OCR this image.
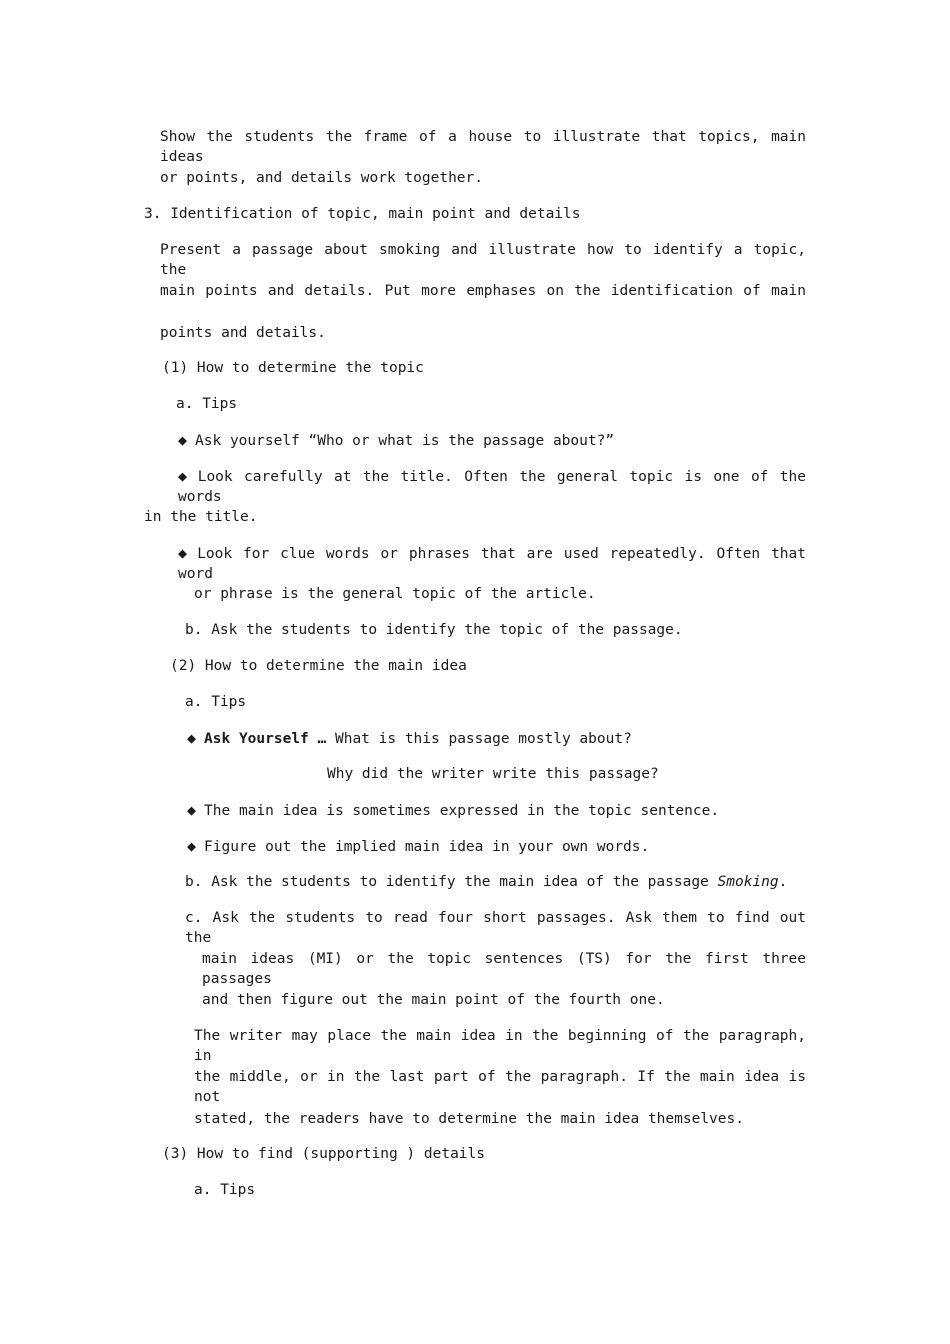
Show the students the frame of a house to illustrate that topics, main ideas
or points, and details work together.
3. Identification of topic, main point and details
Present a passage about smoking and illustrate how to identify a topic, the
main points and details. Put more emphases on the identification of main
points and details.
(1) How to determine the topic
a. Tips
◆ Ask yourself “Who or what is the passage about?”
◆ Look carefully at the title. Often the general topic is one of the words
in the title.
◆ Look for clue words or phrases that are used repeatedly. Often that word
or phrase is the general topic of the article.
b. Ask the students to identify the topic of the passage.
(2) How to determine the main idea
a. Tips
◆ Ask Yourself … What is this passage mostly about?
Why did the writer write this passage?
◆ The main idea is sometimes expressed in the topic sentence.
◆ Figure out the implied main idea in your own words.
b. Ask the students to identify the main idea of the passage Smoking.
c. Ask the students to read four short passages. Ask them to find out the
main ideas (MI) or the topic sentences (TS) for the first three passages
and then figure out the main point of the fourth one.
The writer may place the main idea in the beginning of the paragraph, in
the middle, or in the last part of the paragraph. If the main idea is not
stated, the readers have to determine the main idea themselves.
(3) How to find (supporting ) details
a. Tips
